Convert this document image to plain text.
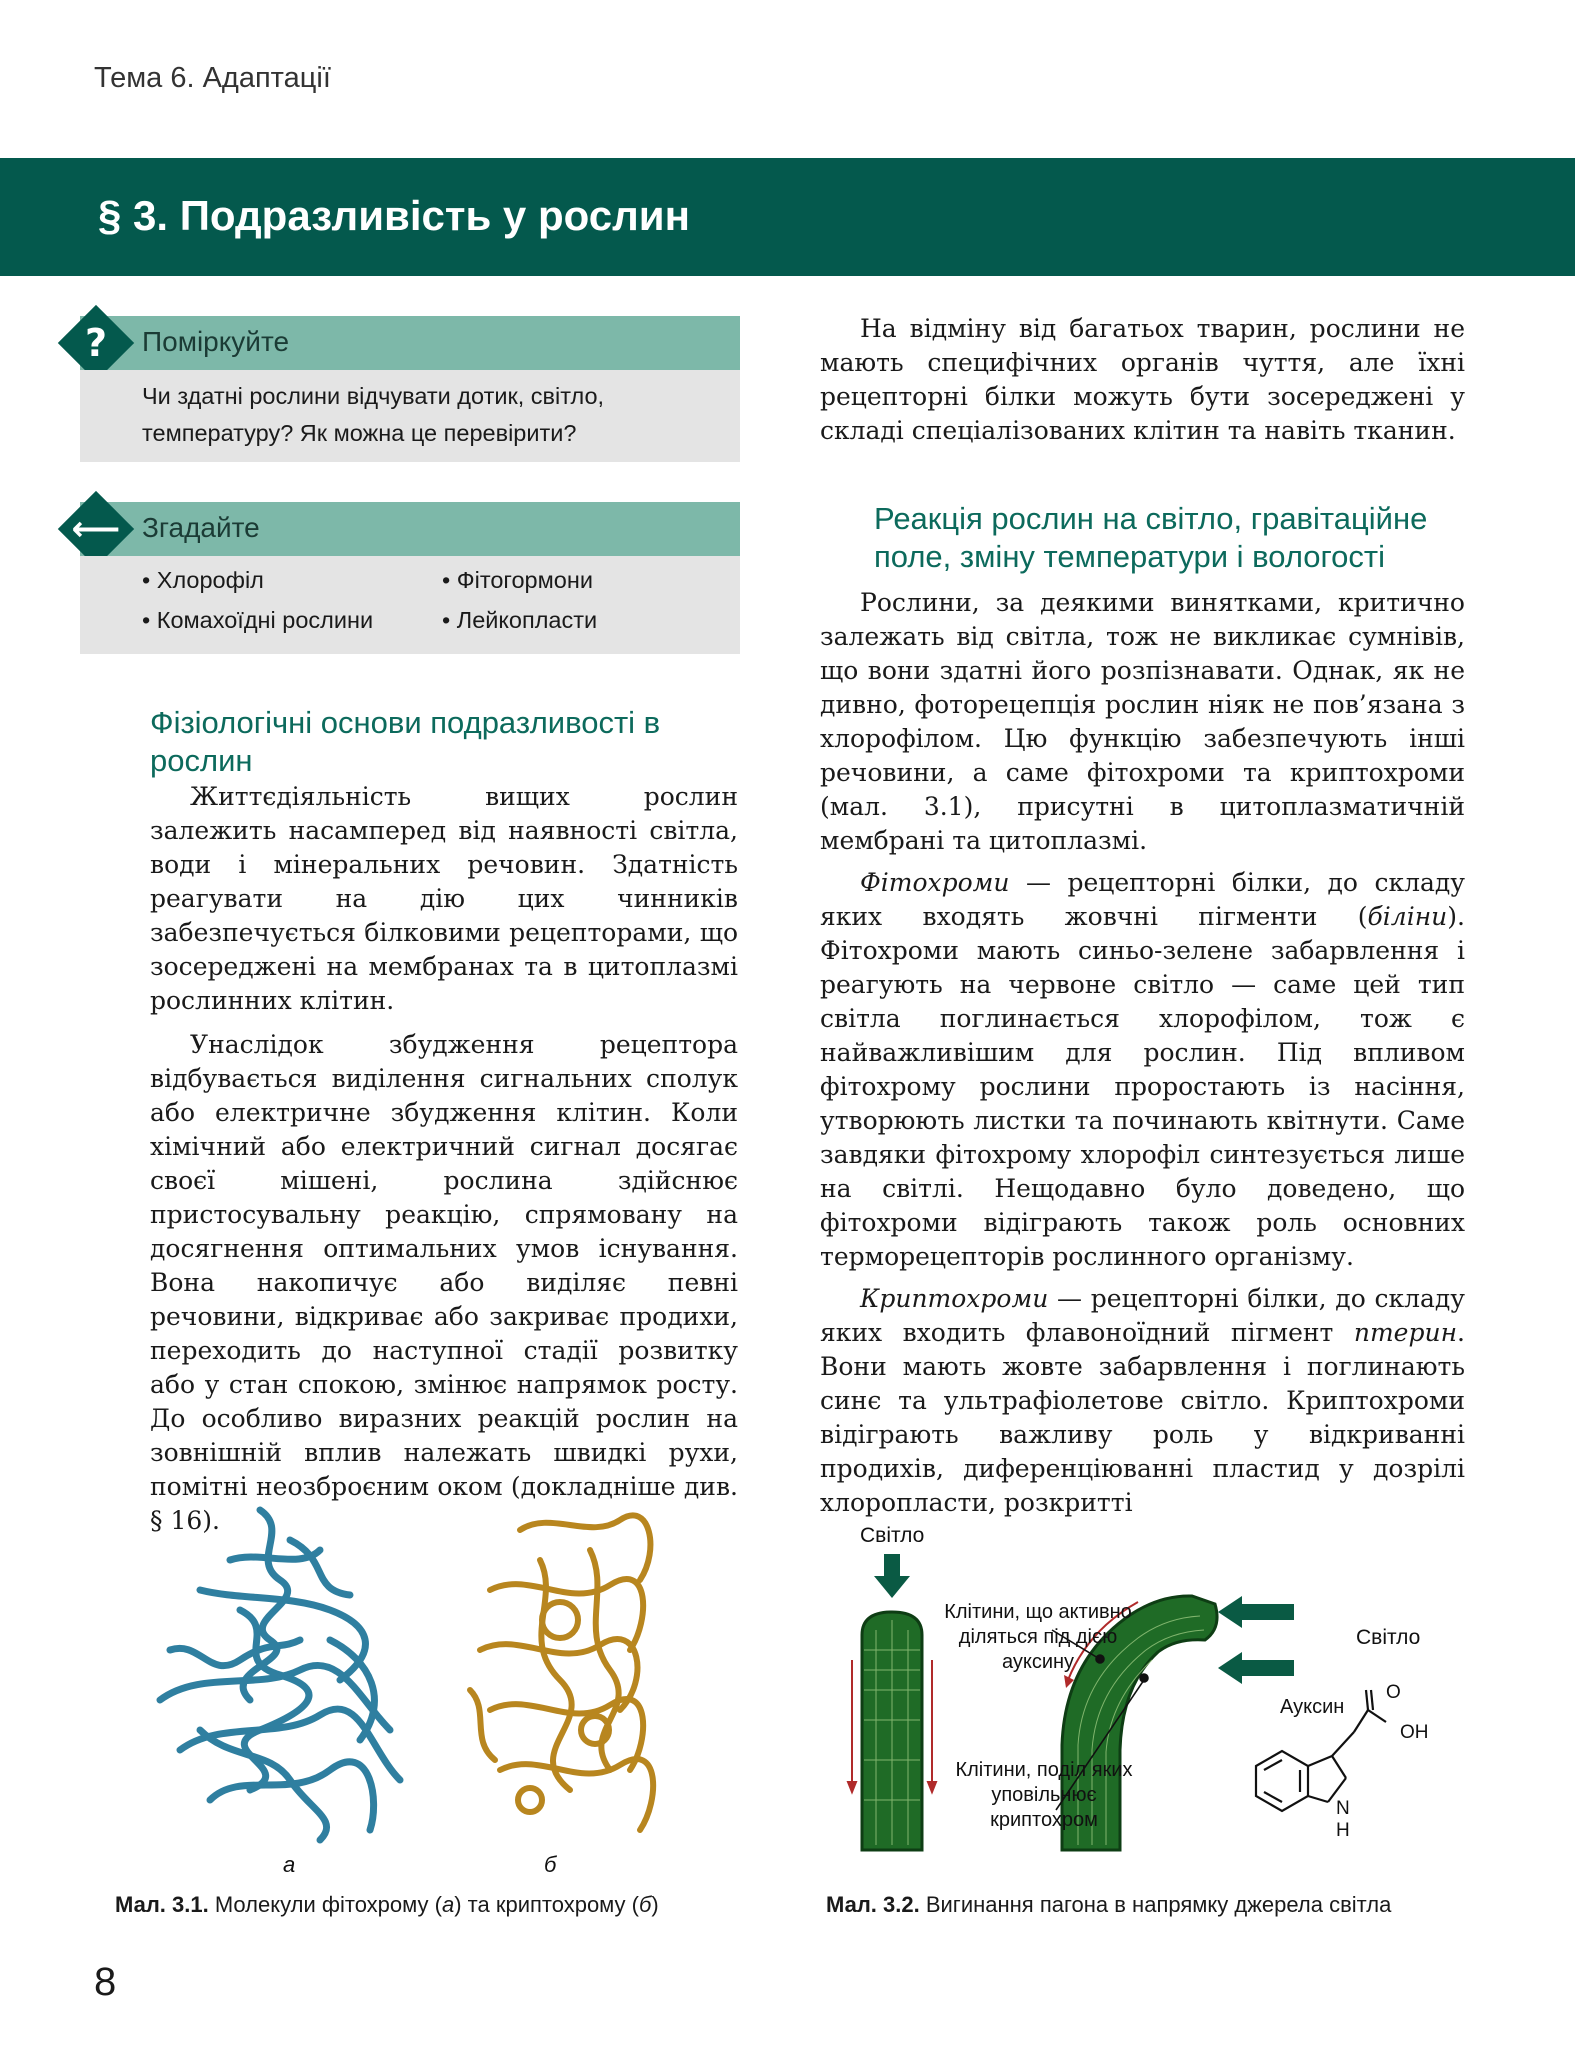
Тема 6. Адаптації
§ 3. Подразливість у рослин
? Поміркуйте
Чи здатні рослини відчувати дотик, світло, температуру? Як можна це перевірити?
⟵ Згадайте
• Хлорофіл	• Фітогормони
• Комахоїдні рослини	• Лейкопласти
Фізіологічні основи подразливості в рослин

Життєдіяльність вищих рослин залежить насамперед від наявності світла, води і мінеральних речовин. Здатність реагувати на дію цих чинників забезпечується білковими рецепторами, що зосереджені на мембранах та в цитоплазмі рослинних клітин.

Унаслідок збудження рецептора відбувається виділення сигнальних сполук або електричне збудження клітин. Коли хімічний або електричний сигнал досягає своєї мішені, рослина здійснює пристосувальну реакцію, спрямовану на досягнення оптимальних умов існування. Вона накопичує або виділяє певні речовини, відкриває або закриває продихи, переходить до наступної стадії розвитку або у стан спокою, змінює напрямок росту. До особливо виразних реакцій рослин на зовнішній вплив належать швидкі рухи, помітні неозброєним оком (докладніше див. § 16).

На відміну від багатьох тварин, рослини не мають специфічних органів чуття, але їхні рецепторні білки можуть бути зосереджені у складі спеціалізованих клітин та навіть тканин.

Реакція рослин на світло, гравітаційне поле, зміну температури і вологості

Рослини, за деякими винятками, критично залежать від світла, тож не викликає сумнівів, що вони здатні його розпізнавати. Однак, як не дивно, фоторецепція рослин ніяк не пов’язана з хлорофілом. Цю функцію забезпечують інші речовини, а саме фітохроми та криптохроми (мал. 3.1), присутні в цитоплазматичній мембрані та цитоплазмі.

Фітохроми — рецепторні білки, до складу яких входять жовчні пігменти (біліни). Фітохроми мають синьо-зелене забарвлення і реагують на червоне світло — саме цей тип світла поглинається хлорофілом, тож є найважливішим для рослин. Під впливом фітохрому рослини проростають із насіння, утворюють листки та починають квітнути. Саме завдяки фітохрому хлорофіл синтезується лише на світлі. Нещодавно було доведено, що фітохроми відіграють також роль основних терморецепторів рослинного організму.

Криптохроми — рецепторні білки, до складу яких входить флавоноїдний пігмент птерин. Вони мають жовте забарвлення і поглинають синє та ультрафіолетове світло. Криптохроми відіграють важливу роль у відкриванні продихів, диференціюванні пластид у дозрілі хлоропласти, розкритті

а	б
Мал. 3.1. Молекули фітохрому (а) та криптохрому (б)
Світло
Світло
Клітини, що активно діляться під дією ауксину
Клітини, поділ яких уповільнює криптохром
Ауксин
O
OH
N
H
Мал. 3.2. Вигинання пагона в напрямку джерела світла
8
